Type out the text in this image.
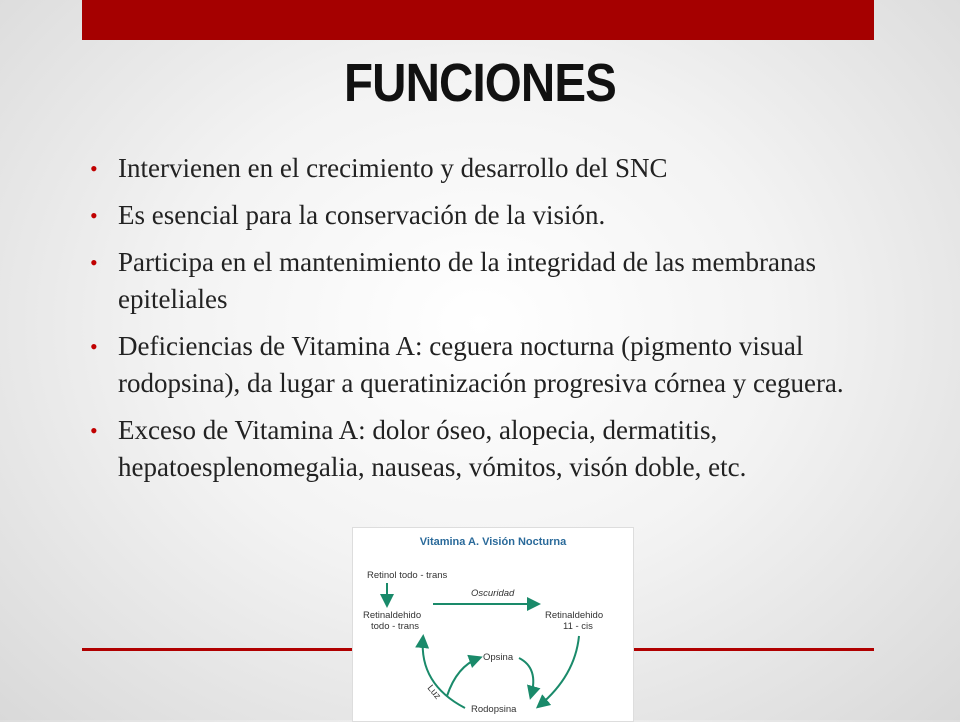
FUNCIONES
• Intervienen en el crecimiento y desarrollo del SNC
• Es esencial para la conservación de la visión.
• Participa en el mantenimiento de la integridad de las membranas epiteliales
• Deficiencias de Vitamina A: ceguera nocturna (pigmento visual rodopsina), da lugar a queratinización progresiva córnea y ceguera.
• Exceso de Vitamina A: dolor óseo, alopecia, dermatitis, hepatoesplenomegalia, nauseas, vómitos, visón doble, etc.
Vitamina A. Visión Nocturna
Retinol todo - trans
Retinaldehido
todo - trans
Oscuridad
Retinaldehido
11 - cis
Opsina
Rodopsina
Luz
